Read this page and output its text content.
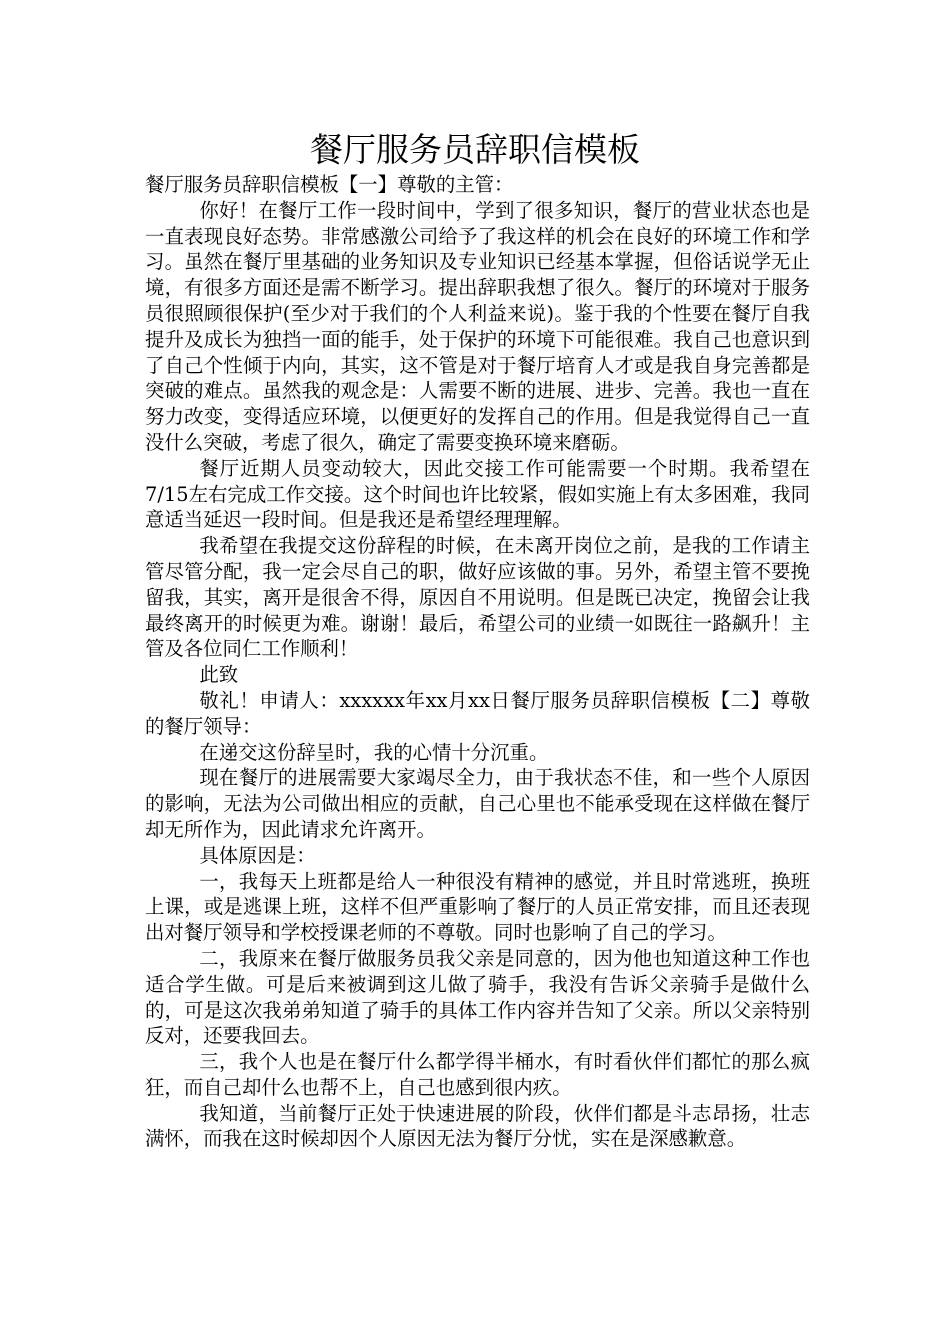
餐厅服务员辞职信模板

餐厅服务员辞职信模板【一】尊敬的主管：

你好！在餐厅工作一段时间中，学到了很多知识，餐厅的营业状态也是一直表现良好态势。非常感激公司给予了我这样的机会在良好的环境工作和学习。虽然在餐厅里基础的业务知识及专业知识已经基本掌握，但俗话说学无止境，有很多方面还是需不断学习。提出辞职我想了很久。餐厅的环境对于服务员很照顾很保护(至少对于我们的个人利益来说)。鉴于我的个性要在餐厅自我提升及成长为独挡一面的能手，处于保护的环境下可能很难。我自己也意识到了自己个性倾于内向，其实，这不管是对于餐厅培育人才或是我自身完善都是突破的难点。虽然我的观念是：人需要不断的进展、进步、完善。我也一直在努力改变，变得适应环境，以便更好的发挥自己的作用。但是我觉得自己一直没什么突破，考虑了很久，确定了需要变换环境来磨砺。

餐厅近期人员变动较大，因此交接工作可能需要一个时期。我希望在7/15左右完成工作交接。这个时间也许比较紧，假如实施上有太多困难，我同意适当延迟一段时间。但是我还是希望经理理解。

我希望在我提交这份辞程的时候，在未离开岗位之前，是我的工作请主管尽管分配，我一定会尽自己的职，做好应该做的事。另外，希望主管不要挽留我，其实，离开是很舍不得，原因自不用说明。但是既已决定，挽留会让我最终离开的时候更为难。谢谢！最后，希望公司的业绩一如既往一路飙升！主管及各位同仁工作顺利！

此致

敬礼！申请人：xxxxxx年xx月xx日餐厅服务员辞职信模板【二】尊敬的餐厅领导：

在递交这份辞呈时，我的心情十分沉重。

现在餐厅的进展需要大家竭尽全力，由于我状态不佳，和一些个人原因的影响，无法为公司做出相应的贡献，自己心里也不能承受现在这样做在餐厅却无所作为，因此请求允许离开。

具体原因是：

一，我每天上班都是给人一种很没有精神的感觉，并且时常逃班，换班上课，或是逃课上班，这样不但严重影响了餐厅的人员正常安排，而且还表现出对餐厅领导和学校授课老师的不尊敬。同时也影响了自己的学习。

二，我原来在餐厅做服务员我父亲是同意的，因为他也知道这种工作也适合学生做。可是后来被调到这儿做了骑手，我没有告诉父亲骑手是做什么的，可是这次我弟弟知道了骑手的具体工作内容并告知了父亲。所以父亲特别反对，还要我回去。

三，我个人也是在餐厅什么都学得半桶水，有时看伙伴们都忙的那么疯狂，而自己却什么也帮不上，自己也感到很内疚。

我知道，当前餐厅正处于快速进展的阶段，伙伴们都是斗志昂扬，壮志满怀，而我在这时候却因个人原因无法为餐厅分忧，实在是深感歉意。
